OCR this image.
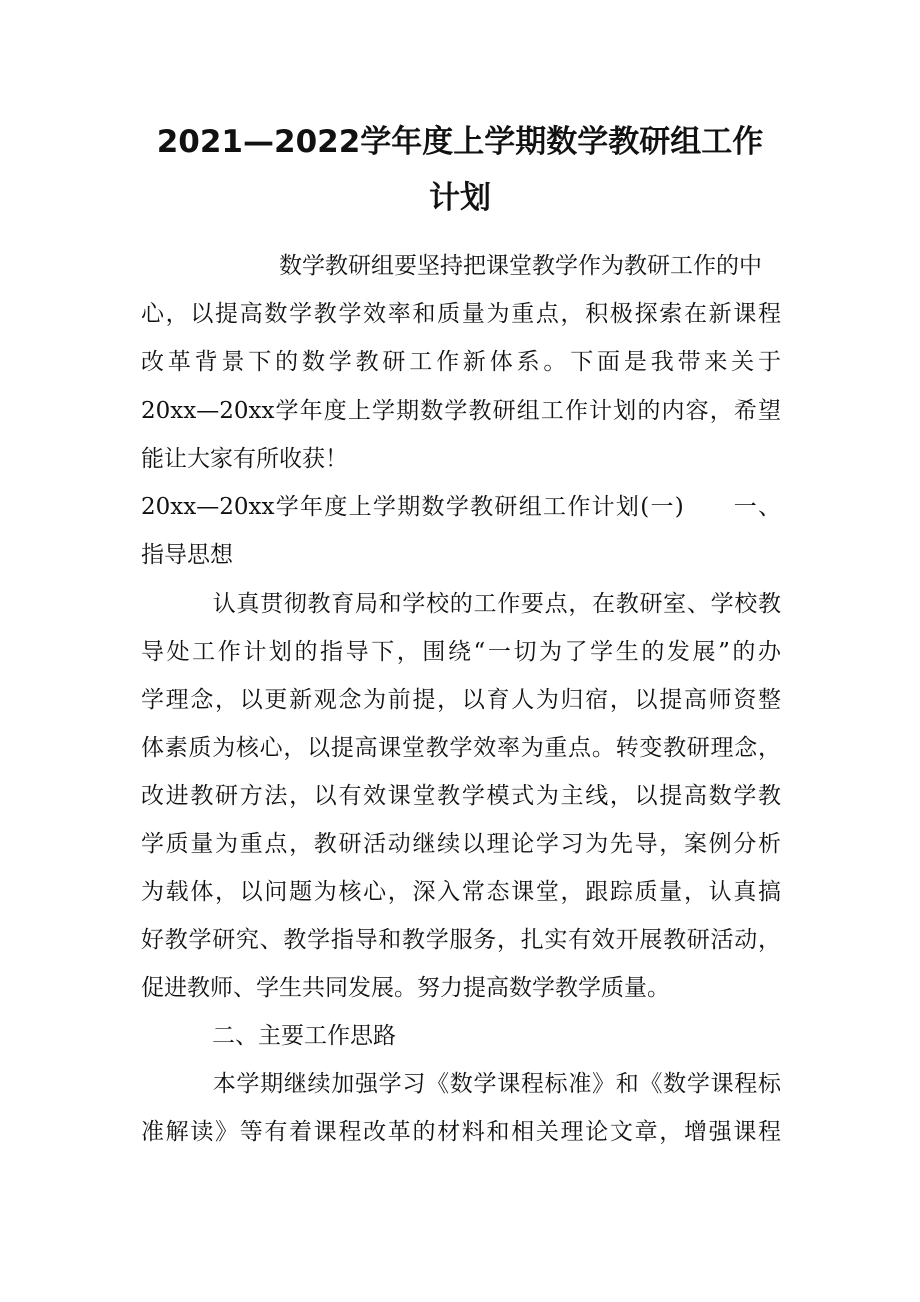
2021—2022学年度上学期数学教研组工作
计划

　　数学教研组要坚持把课堂教学作为教研工作的中

心，以提高数学教学效率和质量为重点，积极探索在新课程

改革背景下的数学教研工作新体系。下面是我带来关于

20xx—20xx学年度上学期数学教研组工作计划的内容，希望

能让大家有所收获！

20xx—20xx学年度上学期数学教研组工作计划(一)　　一、

指导思想

　认真贯彻教育局和学校的工作要点，在教研室、学校教

导处工作计划的指导下，围绕“一切为了学生的发展”的办

学理念，以更新观念为前提，以育人为归宿，以提高师资整

体素质为核心，以提高课堂教学效率为重点。转变教研理念，

改进教研方法，以有效课堂教学模式为主线，以提高数学教

学质量为重点，教研活动继续以理论学习为先导，案例分析

为载体，以问题为核心，深入常态课堂，跟踪质量，认真搞

好教学研究、教学指导和教学服务，扎实有效开展教研活动，

促进教师、学生共同发展。努力提高数学教学质量。

　二、主要工作思路

　本学期继续加强学习《数学课程标准》和《数学课程标

准解读》等有着课程改革的材料和相关理论文章，增强课程
